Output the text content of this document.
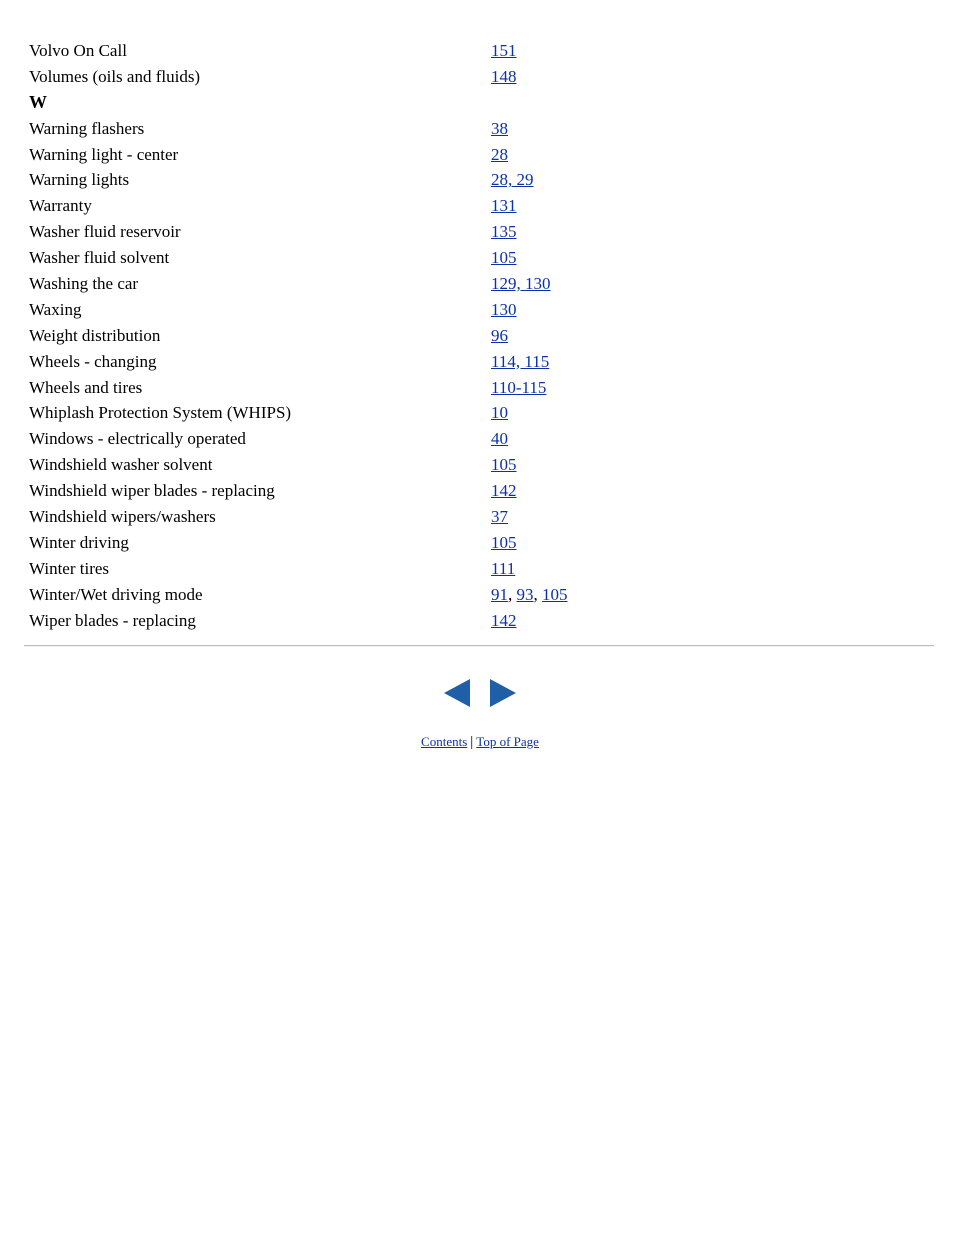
Volvo On Call	151
Volumes (oils and fluids)	148
W
Warning flashers	38
Warning light - center	28
Warning lights	28, 29
Warranty	131
Washer fluid reservoir	135
Washer fluid solvent	105
Washing the car	129, 130
Waxing	130
Weight distribution	96
Wheels - changing	114, 115
Wheels and tires	110-115
Whiplash Protection System (WHIPS)	10
Windows - electrically operated	40
Windshield washer solvent	105
Windshield wiper blades - replacing	142
Windshield wipers/washers	37
Winter driving	105
Winter tires	111
Winter/Wet driving mode	91, 93, 105
Wiper blades - replacing	142
Contents | Top of Page
